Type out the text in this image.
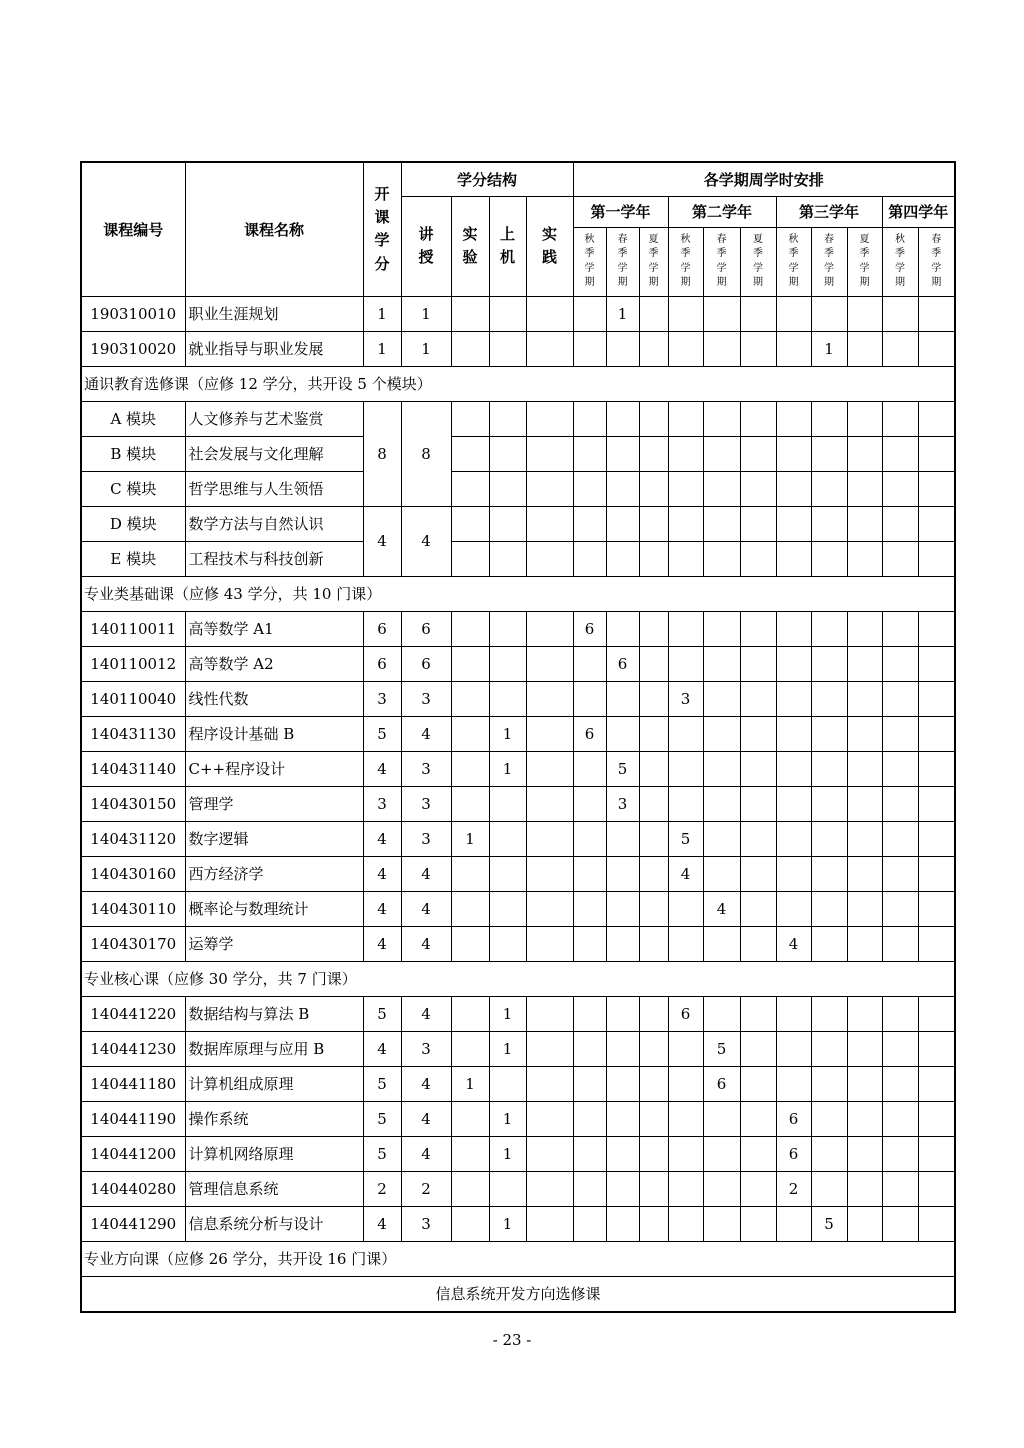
课程编号	课程名称	开课学分	学分结构				各学期周学时安排										
			讲授	实验	上机	实践	第一学年			第二学年			第三学年			第四学年	
							秋季学期	春季学期	夏季学期	秋季学期	春季学期	夏季学期	秋季学期	春季学期	夏季学期	秋季学期	春季学期
190310010	职业生涯规划	1	1					1									
190310020	就业指导与职业发展	1	1											1			
通识教育选修课（应修 12 学分，共开设 5 个模块）																	
A 模块	人文修养与艺术鉴赏	8	8														
B 模块	社会发展与文化理解																
C 模块	哲学思维与人生领悟																
D 模块	数学方法与自然认识	4	4														
E 模块	工程技术与科技创新																
专业类基础课（应修 43 学分，共 10 门课）																	
140110011	高等数学 A1	6	6				6										
140110012	高等数学 A2	6	6					6									
140110040	线性代数	3	3							3							
140431130	程序设计基础 B	5	4		1		6										
140431140	C++程序设计	4	3		1			5									
140430150	管理学	3	3					3									
140431120	数字逻辑	4	3	1						5							
140430160	西方经济学	4	4							4							
140430110	概率论与数理统计	4	4								4						
140430170	运筹学	4	4										4				
专业核心课（应修 30 学分，共 7 门课）																	
140441220	数据结构与算法 B	5	4		1					6							
140441230	数据库原理与应用 B	4	3		1						5						
140441180	计算机组成原理	5	4	1							6						
140441190	操作系统	5	4		1								6				
140441200	计算机网络原理	5	4		1								6				
140440280	管理信息系统	2	2										2				
140441290	信息系统分析与设计	4	3		1									5			
专业方向课（应修 26 学分，共开设 16 门课）																	
信息系统开发方向选修课																	
- 23 -
